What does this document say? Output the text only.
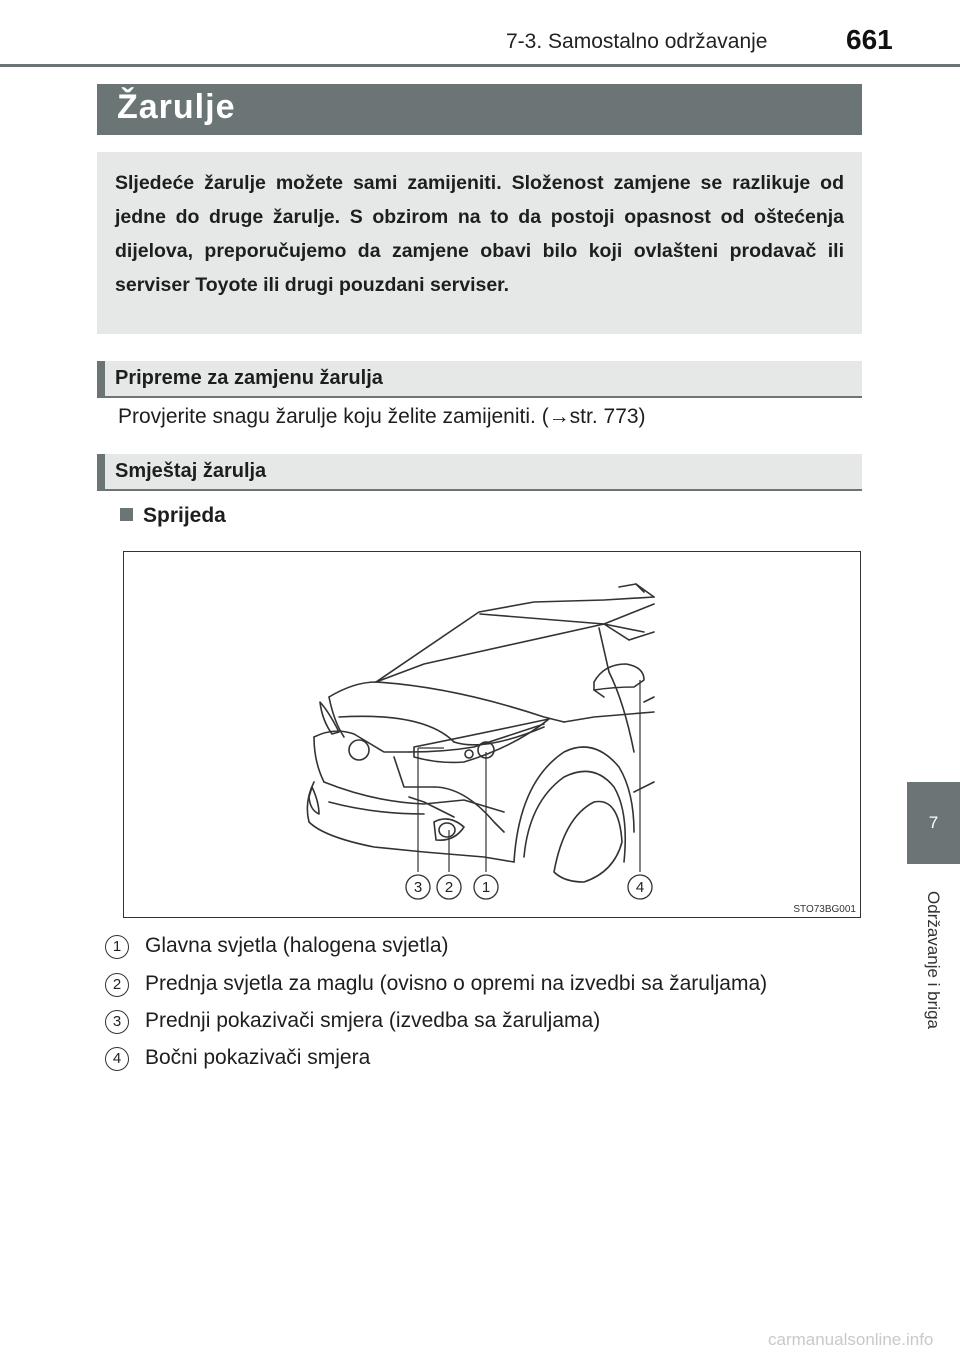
7-3. Samostalno održavanje	661
Žarulje

Sljedeće žarulje možete sami zamijeniti. Složenost zamjene se razlikuje od jedne do druge žarulje. S obzirom na to da postoji opasnost od oštećenja dijelova, preporučujemo da zamjene obavi bilo koji ovlašteni prodavač ili serviser Toyote ili drugi pouzdani serviser.

Pripreme za zamjenu žarulja
Provjerite snagu žarulje koju želite zamijeniti. (→str. 773)
Smještaj žarulja
Sprijeda
3 2 1	4
STO73BG001
1	Glavna svjetla (halogena svjetla)
2	Prednja svjetla za maglu (ovisno o opremi na izvedbi sa žaruljama)
3	Prednji pokazivači smjera (izvedba sa žaruljama)
4	Bočni pokazivači smjera
7
Održavanje i briga
carmanualsonline.info
